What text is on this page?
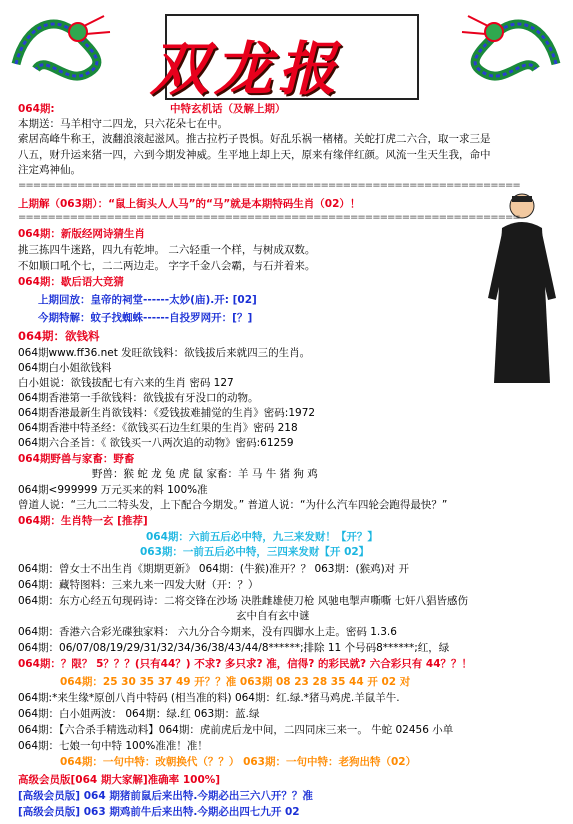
双龙报
064期:	中特玄机话（及解上期）
本期送：马羊相守二四龙，只六花朵七在中。
索居高峰牛称王，波翻浪滚起滋风。推古拉朽子畏惧。好乱乐祸一楮楮。关蛇打虎二六合，取一求三是
八五，财升运来猪一四，六到今期发神威。生平地上却上天，原来有缘伴红颜。风流一生天生我，命中
注定鸡神仙。
====================================================================
上期解（063期）：“鼠上街头人人马”的“马”就是本期特码生肖（02）！
====================================================================
064期：新版经网诗猜生肖
挑三拣四牛迷路，四九有乾坤。 二六轻重一个样，与树成双数。
不如顺口吼个七，二二两边走。 字字千金八会霸，与石并着来。
064期：歇后语大竞猜
上期回放：皇帝的祠堂------太妙(庙).开: [02]
今期特解：蚊子找蜘蛛------自投罗网开：[？]
064期：欲钱料
064期www.ff36.net 发旺欲钱料：欲钱拔后来就四三的生肖。
064期白小姐欲钱料
白小姐说：欲钱拔配七有六来的生肖 密码 127
064期香港第一手欲钱料：欲钱拔有牙没口的动物。
064期香港最新生肖欲钱料：《爱钱拔难捕觉的生肖》密码:1972
064期香港中特圣经：《欲钱买石边生红果的生肖》密码 218
064期六合圣旨：《 欲钱买一八两次追的动物》密码:61259
064期野兽与家畜：野畜
野兽：猴 蛇 龙 兔 虎 鼠 家畜：羊 马 牛 猪 狗 鸡
064期<999999 万元买来的料 100%准
曾道人说：“三九二二特头发，上下配合今期发。” 普道人说：“为什么汽车四轮会跑得最快？”
064期：生肖特一玄 [推荐]
064期：六前五后必中特，九三来发财！【开？】
063期：一前五后必中特，三四来发财【开 02】
064期：曾女士不出生肖《期期更新》 064期：(牛猴)准开？？ 063期：(猴鸡)对 开
064期：藏特图料：三来九来一四发大财（开：？）
064期：东方心经五句现码诗：二将交锋在沙场 决胜雌雄使刀枪 风驰电掣声嘶嘶 七奸八猖皆感伤
玄中自有玄中谜
064期：香港六合彩光碟独家料： 六九分合今期来，没有四脚水上走。密码 1.3.6
064期：06/07/08/19/29/31/32/34/36/38/43/44/8******;排除 11 个号码8******;红，绿
064期：？限？ 5？？？(只有44？) 不求? 多只求? 准，信得? 的彩民就? 六合彩只有 44？？！
064期：25 30 35 37 49 开？？准 063期 08 23 28 35 44 开 02 对
064期:*来生缘*原创八肖中特码 (相当准的料) 064期：红.绿.*猪马鸡虎.羊鼠羊牛.
064期：白小姐两波： 064期：绿.红 063期：蓝.绿
064期：【六合杀手精选动料】064期：虎前虎后龙中间，二四同床三来一。 牛蛇 02456 小单
064期：七娘一句中特 100%准准！准！
064期：一句中特：改朝换代（？？） 063期：一句中特：老狗出特（02）
高级会员版[064 期大家解]准确率 100%]
[高级会员版] 064 期猪前鼠后来出特.今期必出三六八开？？准
[高级会员版] 063 期鸡前牛后来出特.今期必出四七九开 02
